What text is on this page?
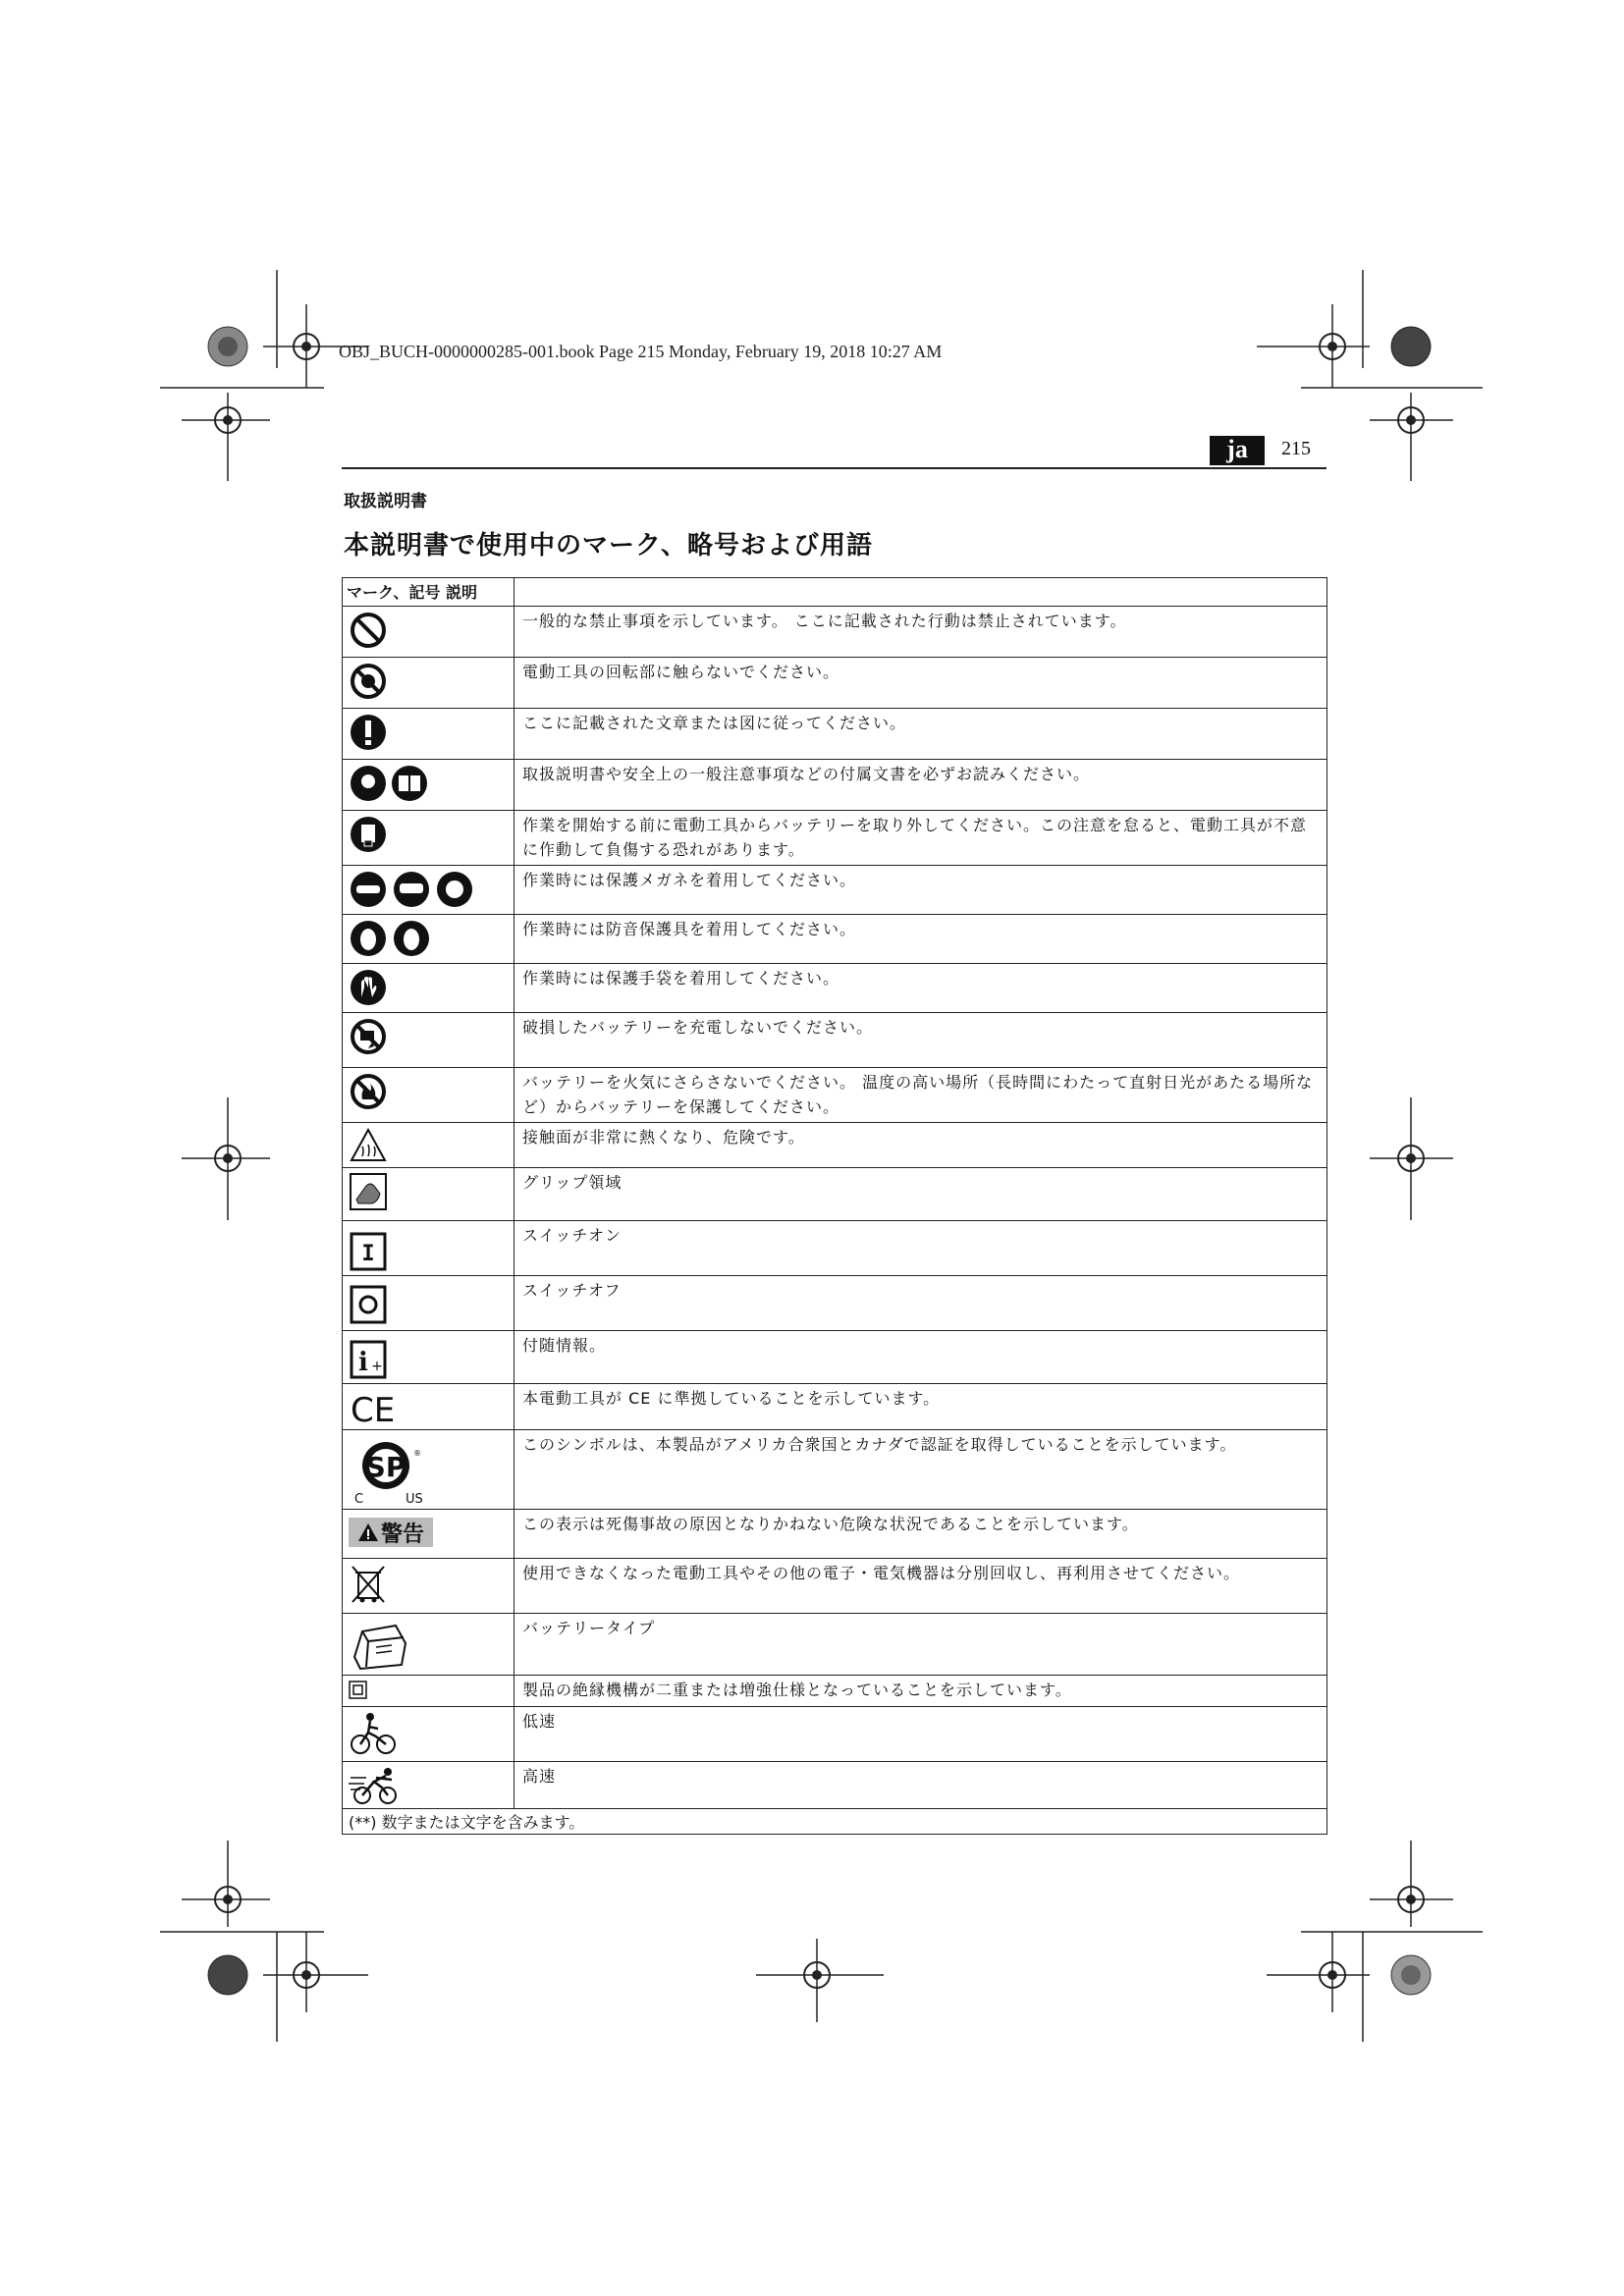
OBJ_BUCH-0000000285-001.book Page 215 Monday, February 19, 2018 10:27 AM
ja	215
取扱説明書
本説明書で使用中のマーク、略号および用語
マーク、記号 説明	
	一般的な禁止事項を示しています。 ここに記載された行動は禁止されています。
	電動工具の回転部に触らないでください。
	ここに記載された文章または図に従ってください。
	取扱説明書や安全上の一般注意事項などの付属文書を必ずお読みください。
	作業を開始する前に電動工具からバッテリーを取り外してください。この注意を怠ると、電動工具が不意に作動して負傷する恐れがあります。
	作業時には保護メガネを着用してください。
	作業時には防音保護具を着用してください。
	作業時には保護手袋を着用してください。
	破損したバッテリーを充電しないでください。
	バッテリーを火気にさらさないでください。 温度の高い場所（長時間にわたって直射日光があたる場所など）からバッテリーを保護してください。
	接触面が非常に熱くなり、危険です。
	グリップ領域

I	スイッチオン
	スイッチオフ

i +	付随情報。

CE	本電動工具が CE に準拠していることを示しています。

SP
C US
®	このシンボルは、本製品がアメリカ合衆国とカナダで認証を取得していることを示しています。

警告	この表示は死傷事故の原因となりかねない危険な状況であることを示しています。
	使用できなくなった電動工具やその他の電子・電気機器は分別回収し、再利用させてください。
	バッテリータイプ
	製品の絶縁機構が二重または増強仕様となっていることを示しています。
	低速
	高速
(**) 数字または文字を含みます。	
